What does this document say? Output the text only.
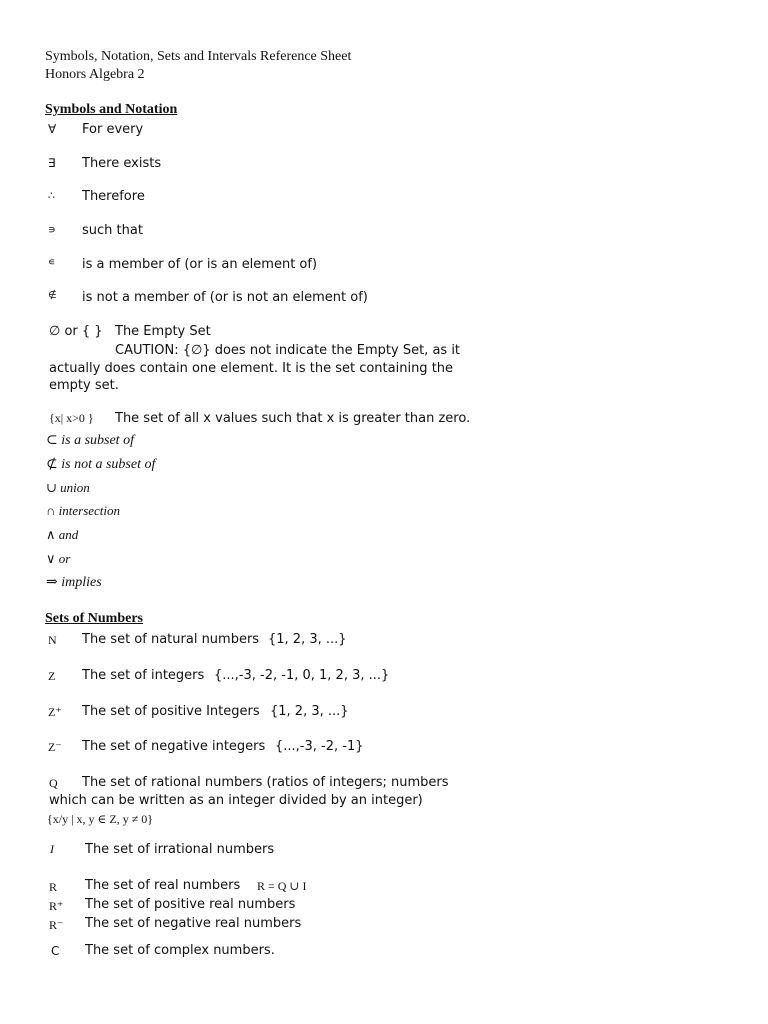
Symbols, Notation, Sets and Intervals Reference Sheet
Honors Algebra 2
Symbols and Notation
∀	For every
∃	There exists
∴	Therefore
∍	such that
∊	is a member of (or is an element of)
∉	is not a member of (or is not an element of)
∅ or { } The Empty Set
CAUTION: {∅} does not indicate the Empty Set, as it
actually does contain one element. It is the set containing the
empty set.
{x| x>0 } The set of all x values such that x is greater than zero.
⊂ is a subset of
⊄ is not a subset of
∪ union
∩ intersection
∧ and
∨ or
⇒ implies
Sets of Numbers
N The set of natural numbers {1, 2, 3, ...}
Z The set of integers {...,-3, -2, -1, 0, 1, 2, 3, ...}
Z⁺ The set of positive Integers {1, 2, 3, ...}
Z⁻ The set of negative integers {...,-3, -2, -1}
Q The set of rational numbers (ratios of integers; numbers
which can be written as an integer divided by an integer)
{x/y | x, y ∈ Z, y ≠ 0}
I The set of irrational numbers
R The set of real numbers R = Q ∪ I
R⁺ The set of positive real numbers
R⁻ The set of negative real numbers
C The set of complex numbers.
